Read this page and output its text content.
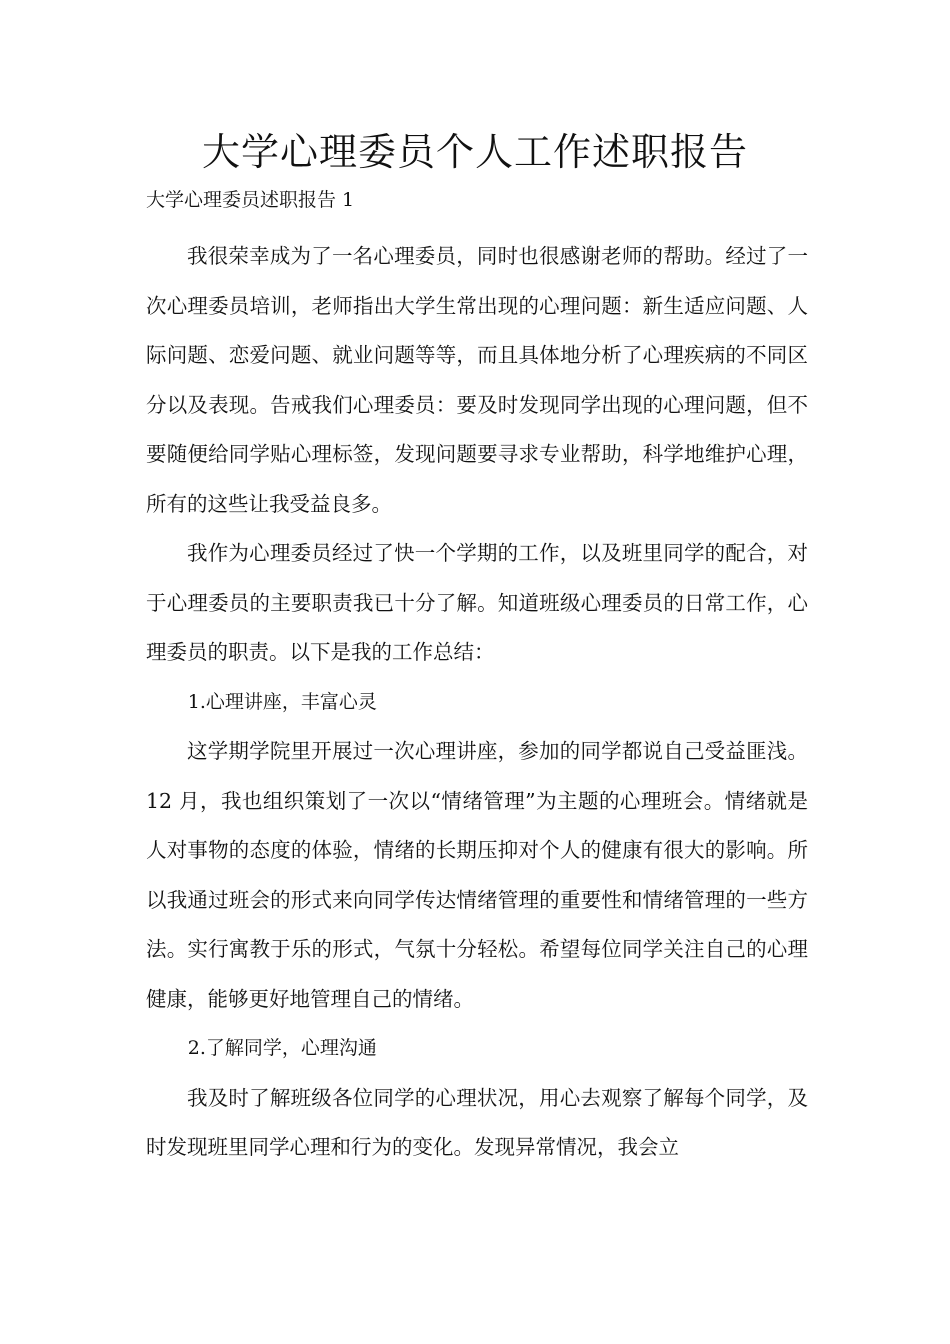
大学心理委员个人工作述职报告

大学心理委员述职报告 1

我很荣幸成为了一名心理委员，同时也很感谢老师的帮助。经过了一次心理委员培训，老师指出大学生常出现的心理问题：新生适应问题、人际问题、恋爱问题、就业问题等等，而且具体地分析了心理疾病的不同区分以及表现。告戒我们心理委员：要及时发现同学出现的心理问题，但不要随便给同学贴心理标签，发现问题要寻求专业帮助，科学地维护心理，所有的这些让我受益良多。

我作为心理委员经过了快一个学期的工作，以及班里同学的配合，对于心理委员的主要职责我已十分了解。知道班级心理委员的日常工作，心理委员的职责。以下是我的工作总结：

1.心理讲座，丰富心灵

这学期学院里开展过一次心理讲座，参加的同学都说自己受益匪浅。12 月，我也组织策划了一次以“情绪管理”为主题的心理班会。情绪就是人对事物的态度的体验，情绪的长期压抑对个人的健康有很大的影响。所以我通过班会的形式来向同学传达情绪管理的重要性和情绪管理的一些方法。实行寓教于乐的形式，气氛十分轻松。希望每位同学关注自己的心理健康，能够更好地管理自己的情绪。

2.了解同学，心理沟通

我及时了解班级各位同学的心理状况，用心去观察了解每个同学，及时发现班里同学心理和行为的变化。发现异常情况，我会立
